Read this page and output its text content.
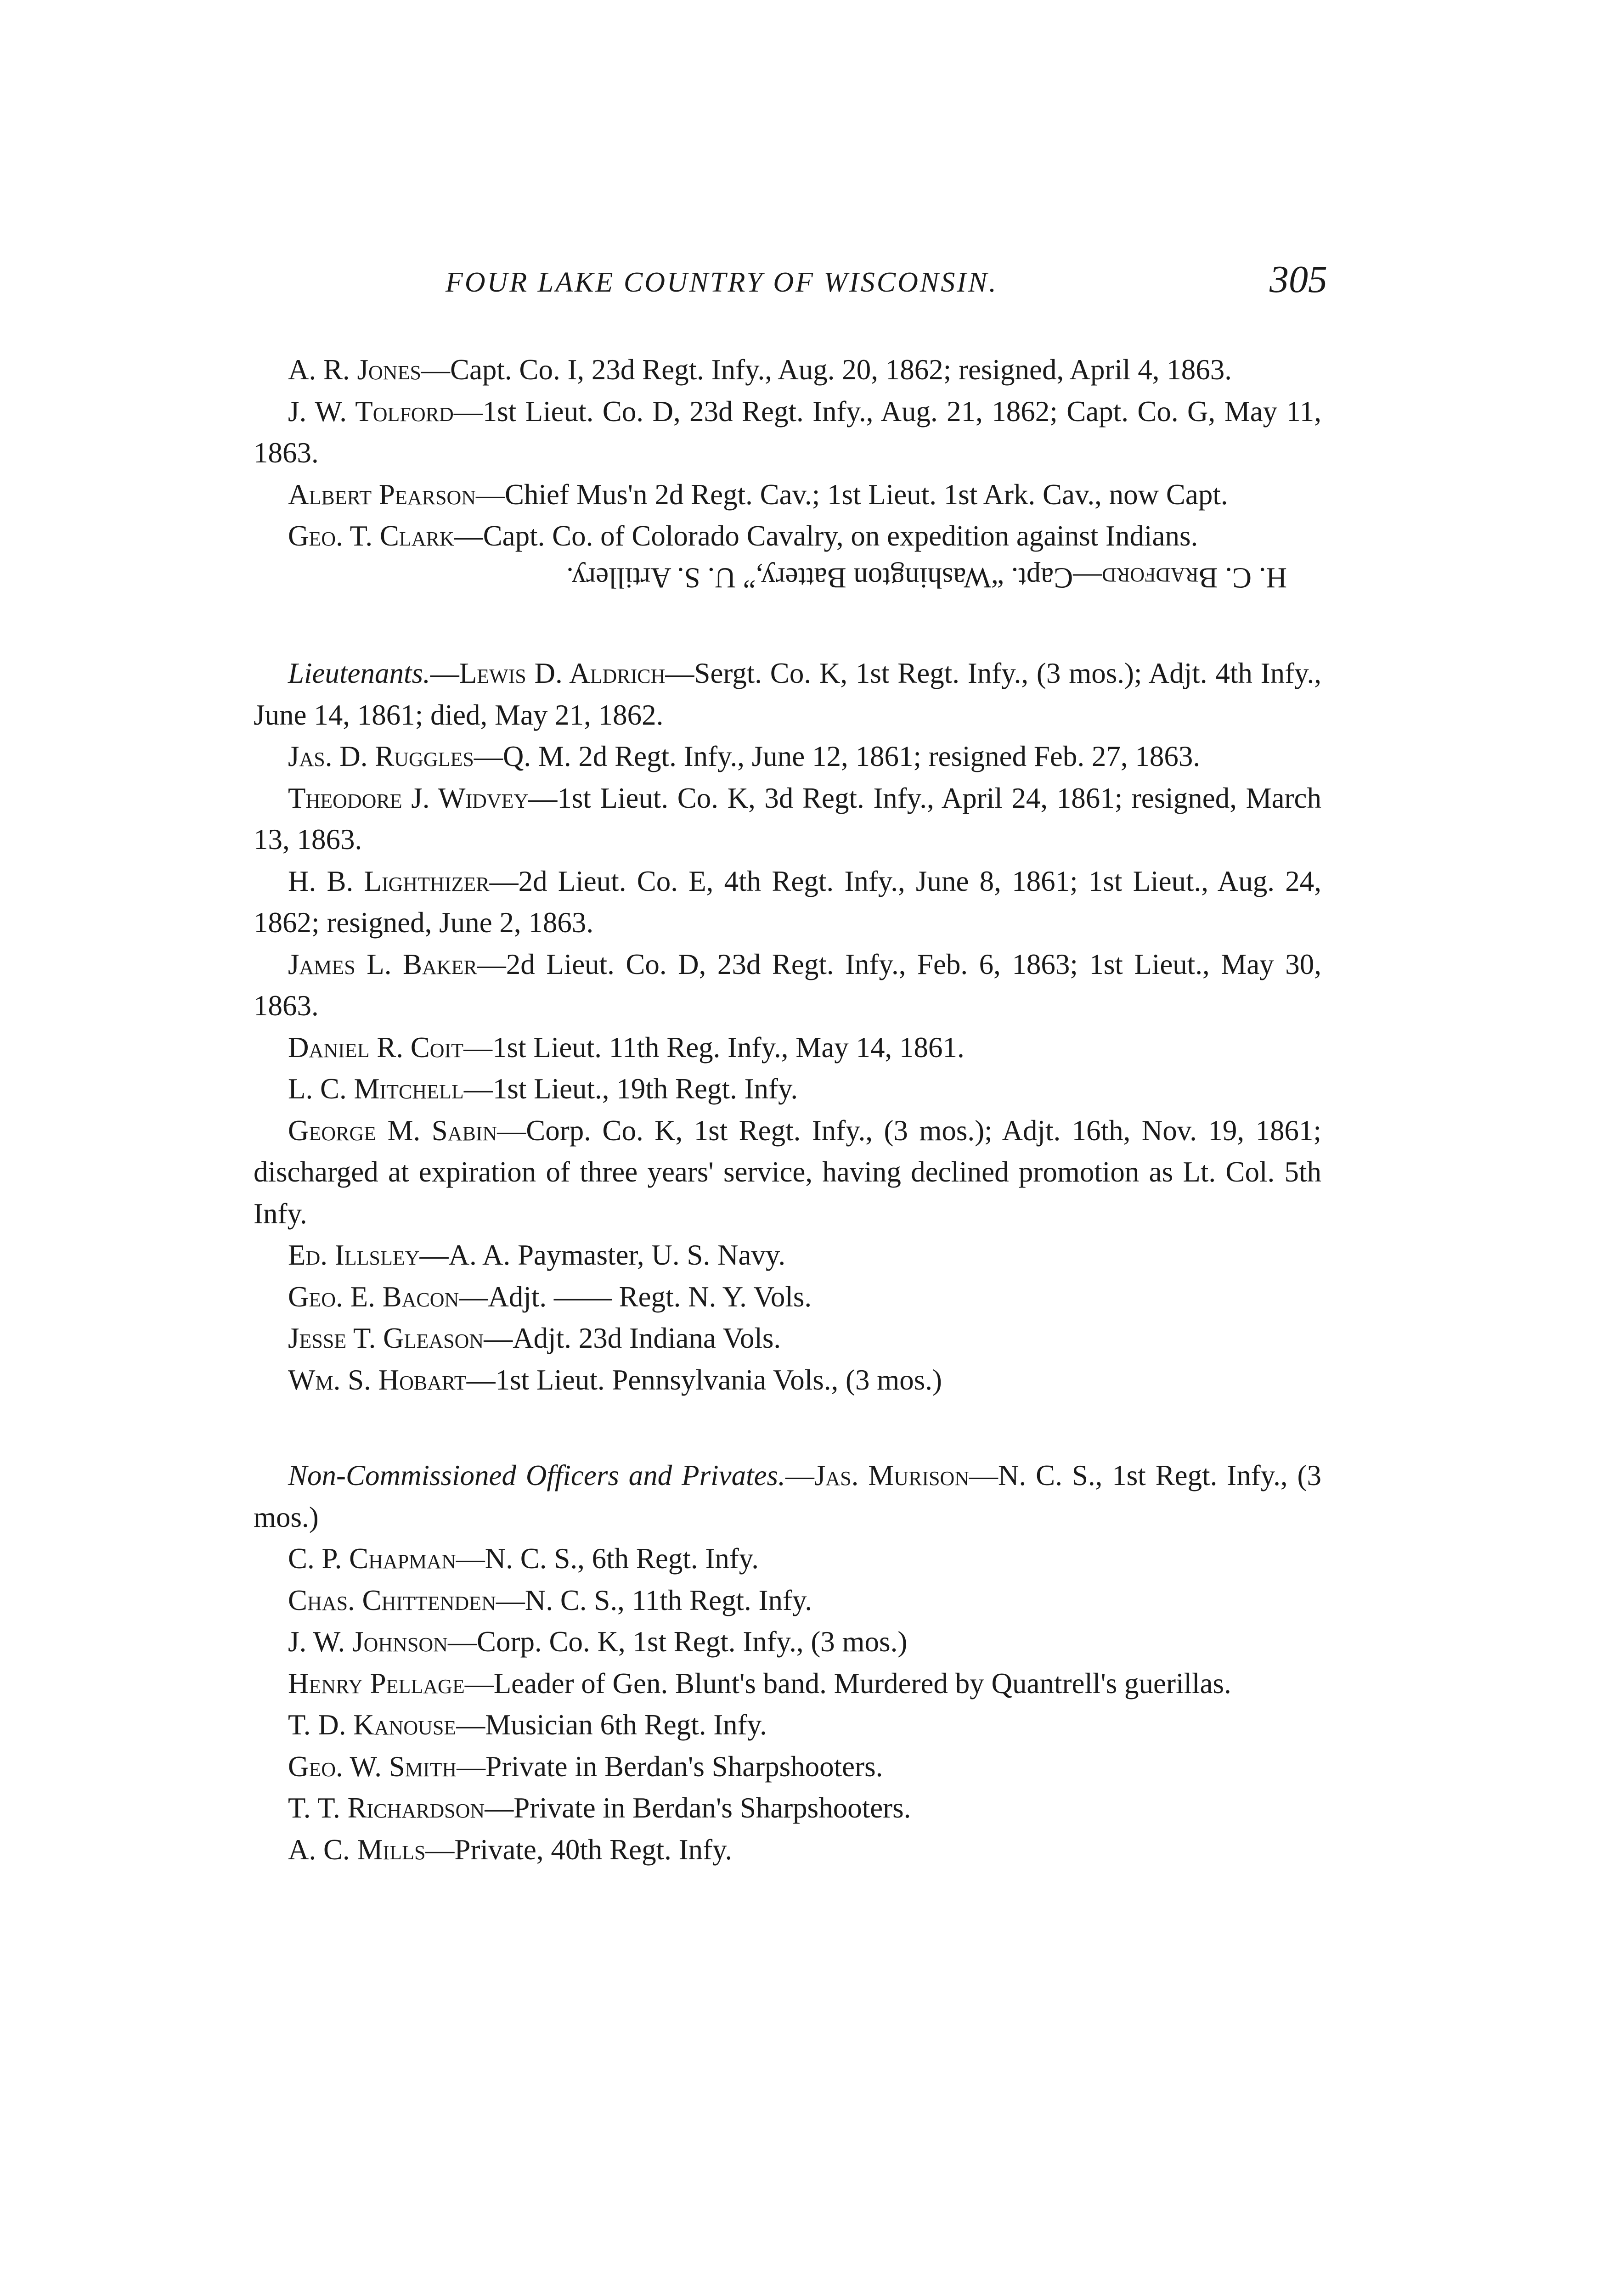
FOUR LAKE COUNTRY OF WISCONSIN.	305

A. R. Jones—Capt. Co. I, 23d Regt. Infy., Aug. 20, 1862; resigned, April 4, 1863.

J. W. Tolford—1st Lieut. Co. D, 23d Regt. Infy., Aug. 21, 1862; Capt. Co. G, May 11, 1863.

Albert Pearson—Chief Mus'n 2d Regt. Cav.; 1st Lieut. 1st Ark. Cav., now Capt.

Geo. T. Clark—Capt. Co. of Colorado Cavalry, on expedition against Indians.

H. C. Bradford—Capt. “Washington Battery,” U. S. Artillery.

Lieutenants.—Lewis D. Aldrich—Sergt. Co. K, 1st Regt. Infy., (3 mos.); Adjt. 4th Infy., June 14, 1861; died, May 21, 1862.

Jas. D. Ruggles—Q. M. 2d Regt. Infy., June 12, 1861; resigned Feb. 27, 1863.

Theodore J. Widvey—1st Lieut. Co. K, 3d Regt. Infy., April 24, 1861; resigned, March 13, 1863.

H. B. Lighthizer—2d Lieut. Co. E, 4th Regt. Infy., June 8, 1861; 1st Lieut., Aug. 24, 1862; resigned, June 2, 1863.

James L. Baker—2d Lieut. Co. D, 23d Regt. Infy., Feb. 6, 1863; 1st Lieut., May 30, 1863.

Daniel R. Coit—1st Lieut. 11th Reg. Infy., May 14, 1861.

L. C. Mitchell—1st Lieut., 19th Regt. Infy.

George M. Sabin—Corp. Co. K, 1st Regt. Infy., (3 mos.); Adjt. 16th, Nov. 19, 1861; discharged at expiration of three years' service, having declined promotion as Lt. Col. 5th Infy.

Ed. Illsley—A. A. Paymaster, U. S. Navy.

Geo. E. Bacon—Adjt. —— Regt. N. Y. Vols.

Jesse T. Gleason—Adjt. 23d Indiana Vols.

Wm. S. Hobart—1st Lieut. Pennsylvania Vols., (3 mos.)

Non-Commissioned Officers and Privates.—Jas. Murison—N. C. S., 1st Regt. Infy., (3 mos.)

C. P. Chapman—N. C. S., 6th Regt. Infy.

Chas. Chittenden—N. C. S., 11th Regt. Infy.

J. W. Johnson—Corp. Co. K, 1st Regt. Infy., (3 mos.)

Henry Pellage—Leader of Gen. Blunt's band. Murdered by Quantrell's guerillas.

T. D. Kanouse—Musician 6th Regt. Infy.

Geo. W. Smith—Private in Berdan's Sharpshooters.

T. T. Richardson—Private in Berdan's Sharpshooters.

A. C. Mills—Private, 40th Regt. Infy.
